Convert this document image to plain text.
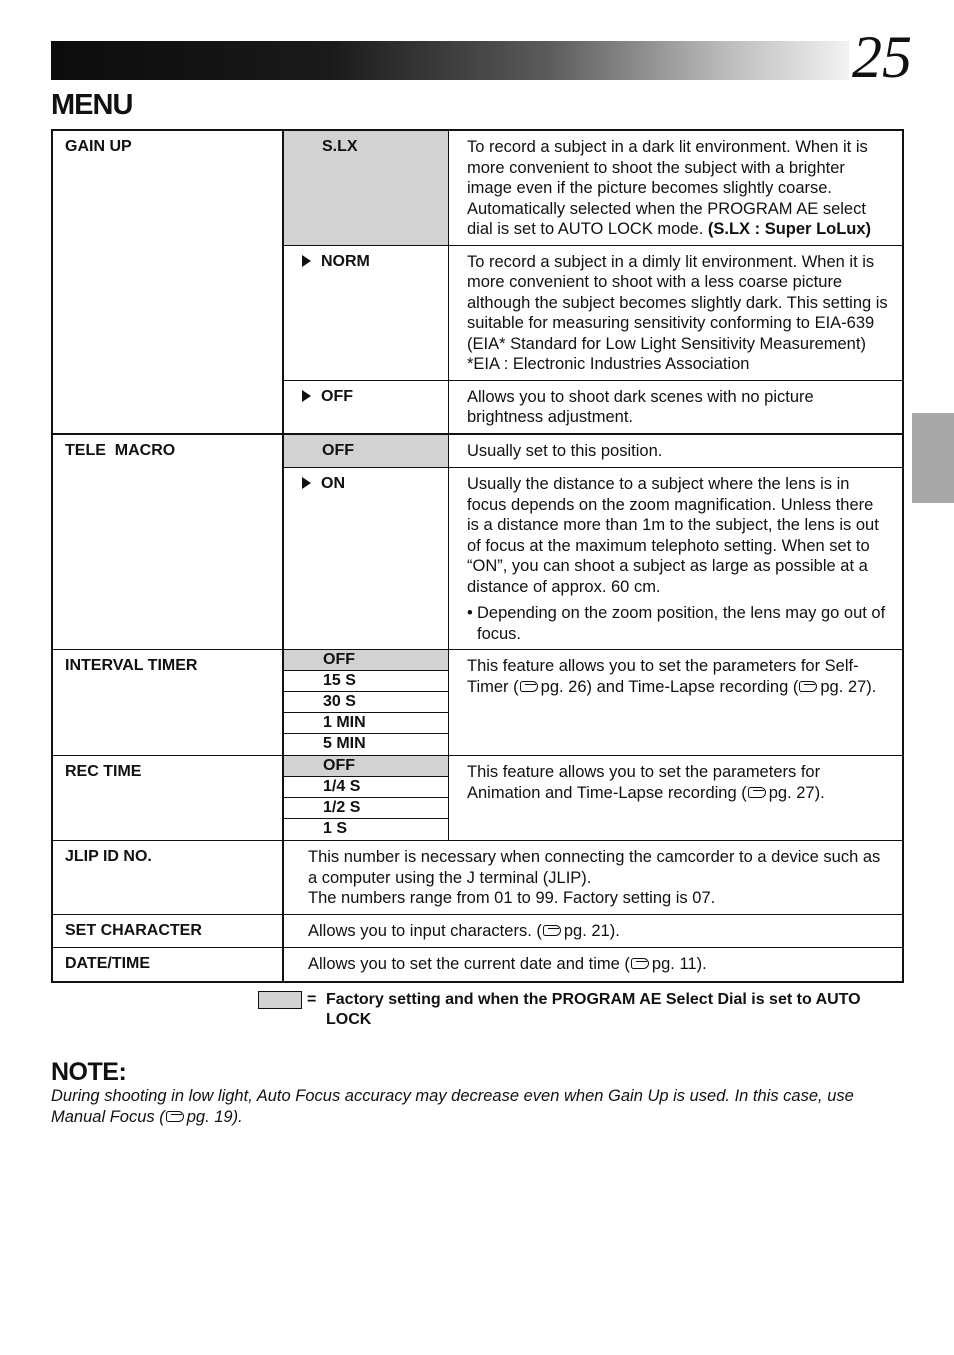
25
MENU
GAIN UP	S.LX	To record a subject in a dark lit environment. When it is more convenient to shoot the subject with a brighter image even if the picture becomes slightly coarse. Automatically selected when the PROGRAM AE select dial is set to AUTO LOCK mode. (S.LX : Super LoLux)
	NORM	To record a subject in a dimly lit environment. When it is more convenient to shoot with a less coarse picture although the subject becomes slightly dark. This setting is suitable for measuring sensitivity conforming to EIA-639 (EIA* Standard for Low Light Sensitivity Measurement)
*EIA : Electronic Industries Association

	OFF	Allows you to shoot dark scenes with no picture brightness adjustment.
TELE  MACRO	OFF	Usually set to this position.
	ON	Usually the distance to a subject where the lens is in focus depends on the zoom magnification. Unless there is a distance more than 1m to the subject, the lens is out of focus at the maximum telephoto setting. When set to “ON”, you can shoot a subject as large as possible at a distance of approx. 60 cm.
• Depending on the zoom position, the lens may go out of focus.

INTERVAL TIMER	OFF	This feature allows you to set the parameters for Self-Timer ( pg. 26) and Time-Lapse recording ( pg. 27).
	15 S	
	30 S	
	1 MIN	
	5 MIN	
REC TIME	OFF	This feature allows you to set the parameters for Animation and Time-Lapse recording ( pg. 27).
	1/4 S	
	1/2 S	
	1 S	
JLIP ID NO.	This number is necessary when connecting the camcorder to a device such as a computer using the J terminal (JLIP).
The numbers range from 01 to 99. Factory setting is 07.	

SET CHARACTER	Allows you to input characters. ( pg. 21).	
DATE/TIME	Allows you to set the current date and time ( pg. 11).	
= Factory setting and when the PROGRAM AE Select Dial is set to AUTO LOCK
NOTE:
During shooting in low light, Auto Focus accuracy may decrease even when Gain Up is used. In this case, use Manual Focus ( pg. 19).
